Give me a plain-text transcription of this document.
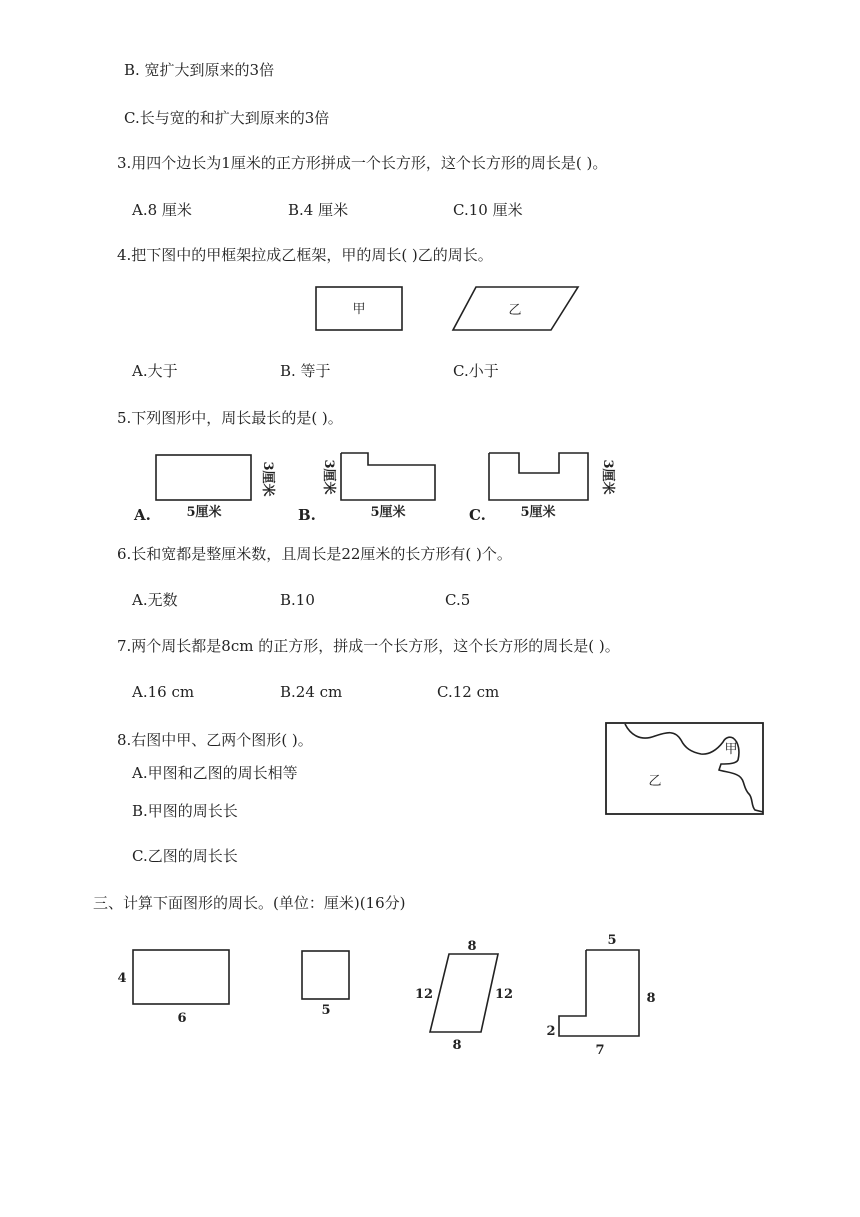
B. 宽扩大到原来的3倍
C.长与宽的和扩大到原来的3倍
3.用四个边长为1厘米的正方形拼成一个长方形，这个长方形的周长是( )。
A.8 厘米	B.4 厘米	C.10 厘米
4.把下图中的甲框架拉成乙框架，甲的周长( )乙的周长。
甲	乙
A.大于	B. 等于	C.小于
5.下列图形中，周长最长的是( )。
5厘米
3厘米
A.	5厘米
3厘米
B.	5厘米
3厘米
C.
6.长和宽都是整厘米数，且周长是22厘米的长方形有( )个。
A.无数	B.10	C.5
7.两个周长都是8cm 的正方形，拼成一个长方形，这个长方形的周长是( )。
A.16 cm	B.24 cm	C.12 cm
8.右图中甲、乙两个图形( )。
A.甲图和乙图的周长相等
B.甲图的周长长
C.乙图的周长长
甲
乙
三、计算下面图形的周长。(单位：厘米)(16分)
4
6
5
8
12	12
8
5
8
2
7
